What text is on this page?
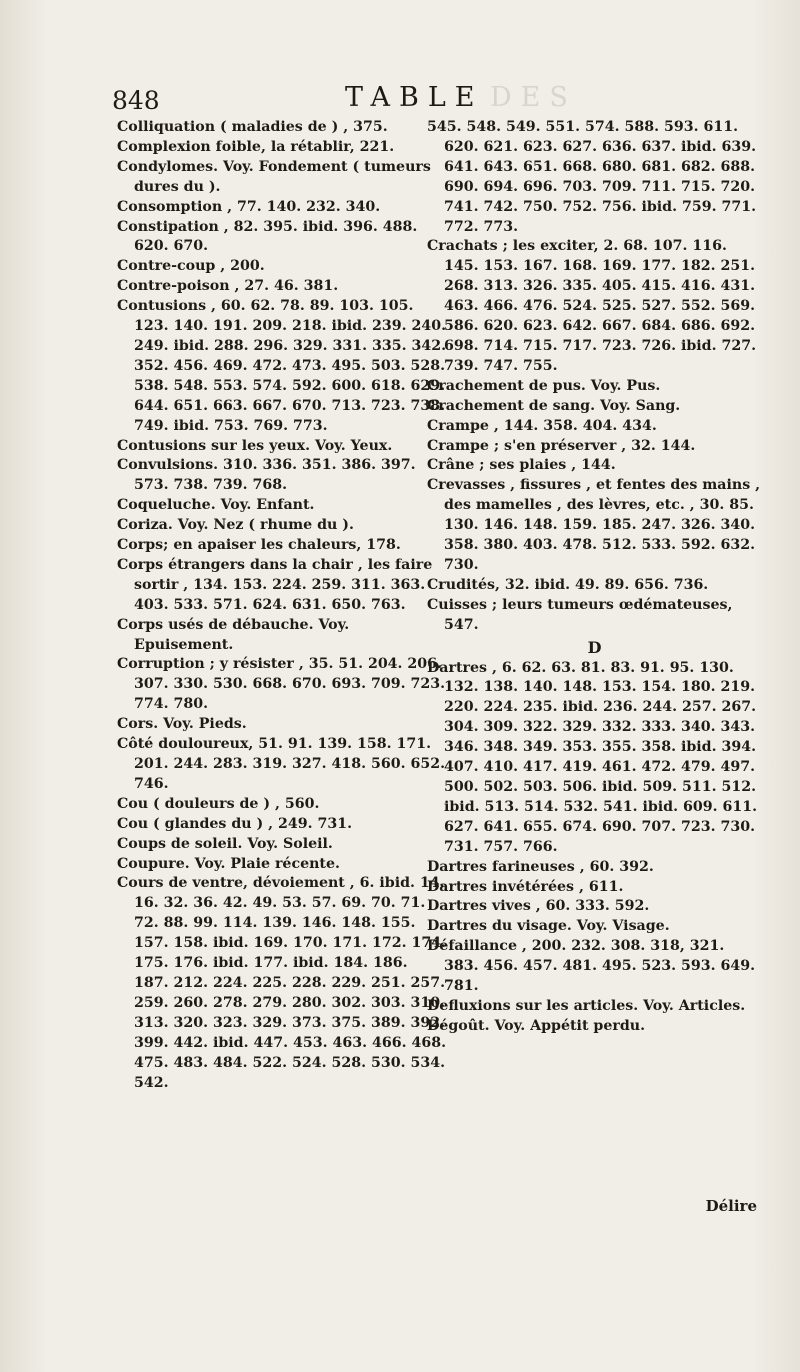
848	TABLE DES
Colliquation ( maladies de ) , 375.
Complexion foible, la rétablir, 221.
Condylomes. Voy. Fondement ( tumeurs dures du ).
Consomption , 77. 140. 232. 340.
Constipation , 82. 395. ibid. 396. 488. 620. 670.
Contre-coup , 200.
Contre-poison , 27. 46. 381.
Contusions , 60. 62. 78. 89. 103. 105. 123. 140. 191. 209. 218. ibid. 239. 240. 249. ibid. 288. 296. 329. 331. 335. 342. 352. 456. 469. 472. 473. 495. 503. 528. 538. 548. 553. 574. 592. 600. 618. 629. 644. 651. 663. 667. 670. 713. 723. 738. 749. ibid. 753. 769. 773.
Contusions sur les yeux. Voy. Yeux.
Convulsions. 310. 336. 351. 386. 397. 573. 738. 739. 768.
Coqueluche. Voy. Enfant.
Coriza. Voy. Nez ( rhume du ).
Corps; en apaiser les chaleurs, 178.
Corps étrangers dans la chair , les faire sortir , 134. 153. 224. 259. 311. 363. 403. 533. 571. 624. 631. 650. 763.
Corps usés de débauche. Voy. Epuisement.
Corruption ; y résister , 35. 51. 204. 206. 307. 330. 530. 668. 670. 693. 709. 723. 774. 780.
Cors. Voy. Pieds.
Côté douloureux, 51. 91. 139. 158. 171. 201. 244. 283. 319. 327. 418. 560. 652. 746.
Cou ( douleurs de ) , 560.
Cou ( glandes du ) , 249. 731.
Coups de soleil. Voy. Soleil.
Coupure. Voy. Plaie récente.
Cours de ventre, dévoiement , 6. ibid. 14. 16. 32. 36. 42. 49. 53. 57. 69. 70. 71. 72. 88. 99. 114. 139. 146. 148. 155. 157. 158. ibid. 169. 170. 171. 172. 174. 175. 176. ibid. 177. ibid. 184. 186. 187. 212. 224. 225. 228. 229. 251. 257. 259. 260. 278. 279. 280. 302. 303. 310. 313. 320. 323. 329. 373. 375. 389. 392. 399. 442. ibid. 447. 453. 463. 466. 468. 475. 483. 484. 522. 524. 528. 530. 534. 542.
545. 548. 549. 551. 574. 588. 593. 611. 620. 621. 623. 627. 636. 637. ibid. 639. 641. 643. 651. 668. 680. 681. 682. 688. 690. 694. 696. 703. 709. 711. 715. 720. 741. 742. 750. 752. 756. ibid. 759. 771. 772. 773.
Crachats ; les exciter, 2. 68. 107. 116. 145. 153. 167. 168. 169. 177. 182. 251. 268. 313. 326. 335. 405. 415. 416. 431. 463. 466. 476. 524. 525. 527. 552. 569. 586. 620. 623. 642. 667. 684. 686. 692. 698. 714. 715. 717. 723. 726. ibid. 727. 739. 747. 755.
Crachement de pus. Voy. Pus.
Crachement de sang. Voy. Sang.
Crampe , 144. 358. 404. 434.
Crampe ; s'en préserver , 32. 144.
Crâne ; ses plaies , 144.
Crevasses , fissures , et fentes des mains , des mamelles , des lèvres, etc. , 30. 85. 130. 146. 148. 159. 185. 247. 326. 340. 358. 380. 403. 478. 512. 533. 592. 632. 730.
Crudités, 32. ibid. 49. 89. 656. 736.
Cuisses ; leurs tumeurs œdémateuses, 547.
D
Dartres , 6. 62. 63. 81. 83. 91. 95. 130. 132. 138. 140. 148. 153. 154. 180. 219. 220. 224. 235. ibid. 236. 244. 257. 267. 304. 309. 322. 329. 332. 333. 340. 343. 346. 348. 349. 353. 355. 358. ibid. 394. 407. 410. 417. 419. 461. 472. 479. 497. 500. 502. 503. 506. ibid. 509. 511. 512. ibid. 513. 514. 532. 541. ibid. 609. 611. 627. 641. 655. 674. 690. 707. 723. 730. 731. 757. 766.
Dartres farineuses , 60. 392.
Dartres invétérées , 611.
Dartres vives , 60. 333. 592.
Dartres du visage. Voy. Visage.
Défaillance , 200. 232. 308. 318, 321. 383. 456. 457. 481. 495. 523. 593. 649. 781.
Defluxions sur les articles. Voy. Articles.
Dégoût. Voy. Appétit perdu.
Délire
